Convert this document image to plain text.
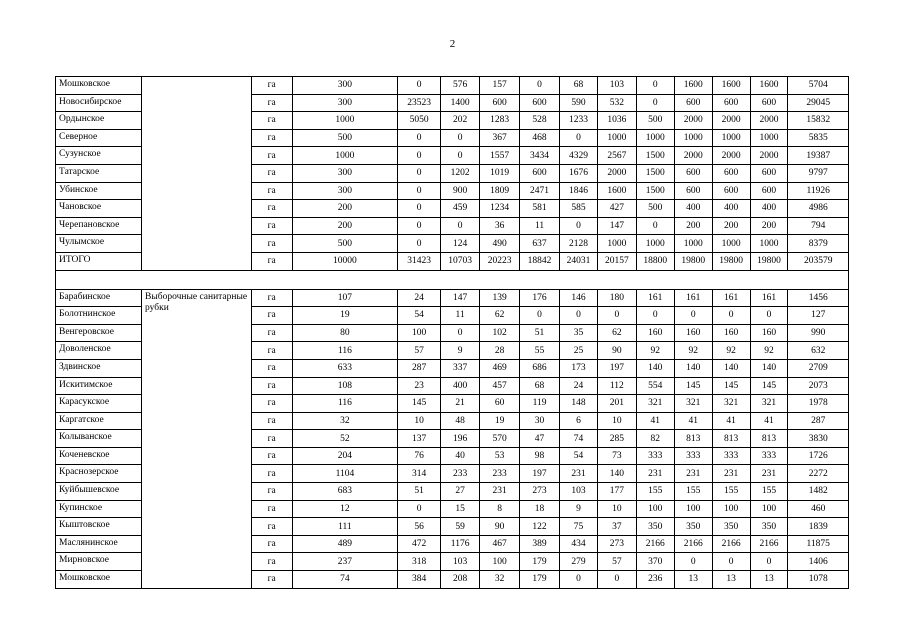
2
Мошковское		га	300	0	576	157	0	68	103	0	1600	1600	1600	5704
Новосибирское		га	300	23523	1400	600	600	590	532	0	600	600	600	29045
Ордынское		га	1000	5050	202	1283	528	1233	1036	500	2000	2000	2000	15832
Северное		га	500	0	0	367	468	0	1000	1000	1000	1000	1000	5835
Сузунское		га	1000	0	0	1557	3434	4329	2567	1500	2000	2000	2000	19387
Татарское		га	300	0	1202	1019	600	1676	2000	1500	600	600	600	9797
Убинское		га	300	0	900	1809	2471	1846	1600	1500	600	600	600	11926
Чановское		га	200	0	459	1234	581	585	427	500	400	400	400	4986
Черепановское		га	200	0	0	36	11	0	147	0	200	200	200	794
Чулымское		га	500	0	124	490	637	2128	1000	1000	1000	1000	1000	8379
ИТОГО		га	10000	31423	10703	20223	18842	24031	20157	18800	19800	19800	19800	203579

Барабинское	Выборочные санитарные рубки	га	107	24	147	139	176	146	180	161	161	161	161	1456
Болотнинское		га	19	54	11	62	0	0	0	0	0	0	0	127
Венгеровское		га	80	100	0	102	51	35	62	160	160	160	160	990
Доволенское		га	116	57	9	28	55	25	90	92	92	92	92	632
Здвинское		га	633	287	337	469	686	173	197	140	140	140	140	2709
Искитимское		га	108	23	400	457	68	24	112	554	145	145	145	2073
Карасукское		га	116	145	21	60	119	148	201	321	321	321	321	1978
Каргатское		га	32	10	48	19	30	6	10	41	41	41	41	287
Колыванское		га	52	137	196	570	47	74	285	82	813	813	813	3830
Коченевское		га	204	76	40	53	98	54	73	333	333	333	333	1726
Краснозерское		га	1104	314	233	233	197	231	140	231	231	231	231	2272
Куйбышевское		га	683	51	27	231	273	103	177	155	155	155	155	1482
Купинское		га	12	0	15	8	18	9	10	100	100	100	100	460
Кыштовское		га	111	56	59	90	122	75	37	350	350	350	350	1839
Маслянинское		га	489	472	1176	467	389	434	273	2166	2166	2166	2166	11875
Мирновское		га	237	318	103	100	179	279	57	370	0	0	0	1406
Мошковское		га	74	384	208	32	179	0	0	236	13	13	13	1078
